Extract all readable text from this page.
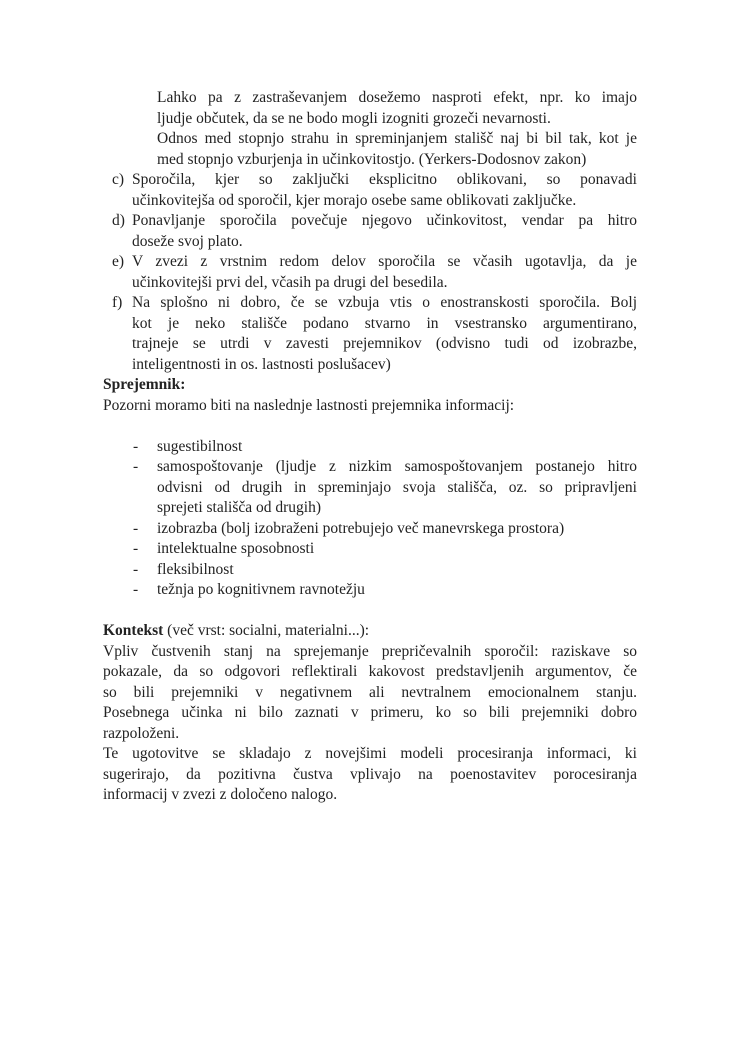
Lahko pa z zastraševanjem dosežemo nasproti efekt, npr. ko imajo
ljudje občutek, da se ne bodo mogli izogniti grozeči nevarnosti.
Odnos med stopnjo strahu in spreminjanjem stališč naj bi bil tak, kot je
med stopnjo vzburjenja in učinkovitostjo. (Yerkers-Dodosnov zakon)
c) Sporočila, kjer so zaključki eksplicitno oblikovani, so ponavadi
učinkovitejša od sporočil, kjer morajo osebe same oblikovati zaključke.
d) Ponavljanje sporočila povečuje njegovo učinkovitost, vendar pa hitro
doseže svoj plato.
e) V zvezi z vrstnim redom delov sporočila se včasih ugotavlja, da je
učinkovitejši prvi del, včasih pa drugi del besedila.
f) Na splošno ni dobro, če se vzbuja vtis o enostranskosti sporočila. Bolj
kot je neko stališče podano stvarno in vsestransko argumentirano,
trajneje se utrdi v zavesti prejemnikov (odvisno tudi od izobrazbe,
inteligentnosti in os. lastnosti poslušacev)
Sprejemnik:
Pozorni moramo biti na naslednje lastnosti prejemnika informacij:
- sugestibilnost
- samospoštovanje (ljudje z nizkim samospoštovanjem postanejo hitro
odvisni od drugih in spreminjajo svoja stališča, oz. so pripravljeni
sprejeti stališča od drugih)
- izobrazba (bolj izobraženi potrebujejo več manevrskega prostora)
- intelektualne sposobnosti
- fleksibilnost
- težnja po kognitivnem ravnotežju
Kontekst (več vrst: socialni, materialni...):
Vpliv čustvenih stanj na sprejemanje prepričevalnih sporočil: raziskave so
pokazale, da so odgovori reflektirali kakovost predstavljenih argumentov, če
so bili prejemniki v negativnem ali nevtralnem emocionalnem stanju.
Posebnega učinka ni bilo zaznati v primeru, ko so bili prejemniki dobro
razpoloženi.
Te ugotovitve se skladajo z novejšimi modeli procesiranja informaci, ki
sugerirajo, da pozitivna čustva vplivajo na poenostavitev porocesiranja
informacij v zvezi z določeno nalogo.
